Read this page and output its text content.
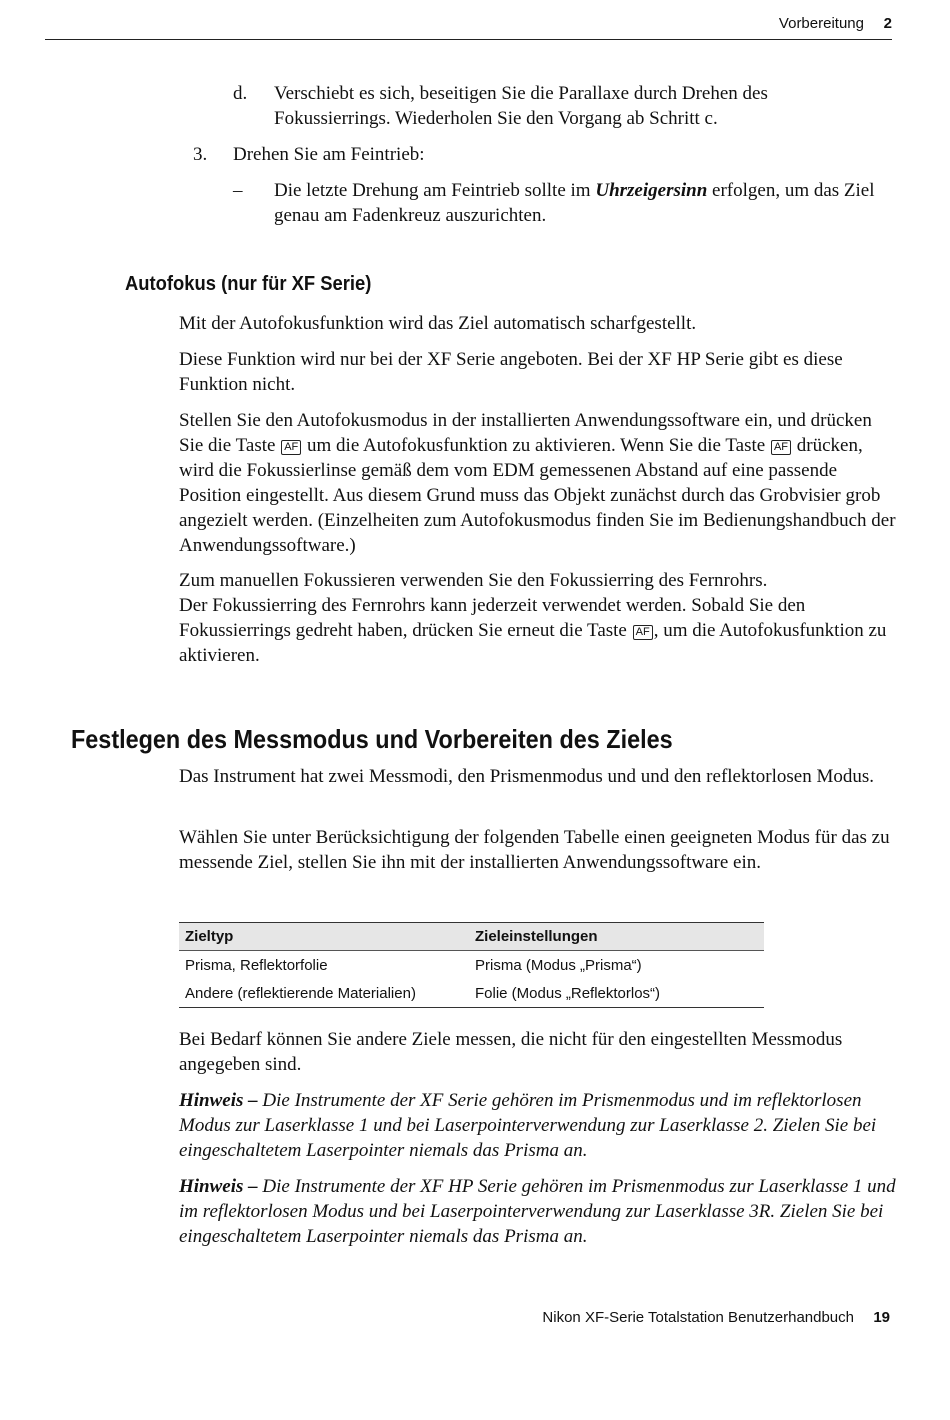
Vorbereitung 2
d. Verschiebt es sich, beseitigen Sie die Parallaxe durch Drehen des Fokussierrings. Wiederholen Sie den Vorgang ab Schritt c.
3. Drehen Sie am Feintrieb:
– Die letzte Drehung am Feintrieb sollte im Uhrzeigersinn erfolgen, um das Ziel genau am Fadenkreuz auszurichten.
Autofokus (nur für XF Serie)
Mit der Autofokusfunktion wird das Ziel automatisch scharfgestellt.
Diese Funktion wird nur bei der XF Serie angeboten. Bei der XF HP Serie gibt es diese Funktion nicht.
Stellen Sie den Autofokusmodus in der installierten Anwendungssoftware ein, und drücken Sie die Taste AF um die Autofokusfunktion zu aktivieren. Wenn Sie die Taste AF drücken, wird die Fokussierlinse gemäß dem vom EDM gemessenen Abstand auf eine passende Position eingestellt. Aus diesem Grund muss das Objekt zunächst durch das Grobvisier grob angezielt werden. (Einzelheiten zum Autofokusmodus finden Sie im Bedienungshandbuch der Anwendungssoftware.)
Zum manuellen Fokussieren verwenden Sie den Fokussierring des Fernrohrs.
Der Fokussierring des Fernrohrs kann jederzeit verwendet werden. Sobald Sie den Fokussierrings gedreht haben, drücken Sie erneut die Taste AF , um die Autofokusfunktion zu aktivieren.
Festlegen des Messmodus und Vorbereiten des Zieles
Das Instrument hat zwei Messmodi, den Prismenmodus und und den reflektorlosen Modus.
Wählen Sie unter Berücksichtigung der folgenden Tabelle einen geeigneten Modus für das zu messende Ziel, stellen Sie ihn mit der installierten Anwendungssoftware ein.
Zieltyp	Zieleinstellungen
Prisma, Reflektorfolie	Prisma (Modus „Prisma“)
Andere (reflektierende Materialien)	Folie (Modus „Reflektorlos“)
Bei Bedarf können Sie andere Ziele messen, die nicht für den eingestellten Messmodus angegeben sind.
Hinweis – Die Instrumente der XF Serie gehören im Prismenmodus und im reflektorlosen Modus zur Laserklasse 1 und bei Laserpointerverwendung zur Laserklasse 2. Zielen Sie bei eingeschaltetem Laserpointer niemals das Prisma an.
Hinweis – Die Instrumente der XF HP Serie gehören im Prismenmodus zur Laserklasse 1 und im reflektorlosen Modus und bei Laserpointerverwendung zur Laserklasse 3R. Zielen Sie bei eingeschaltetem Laserpointer niemals das Prisma an.
Nikon XF-Serie Totalstation Benutzerhandbuch 19
